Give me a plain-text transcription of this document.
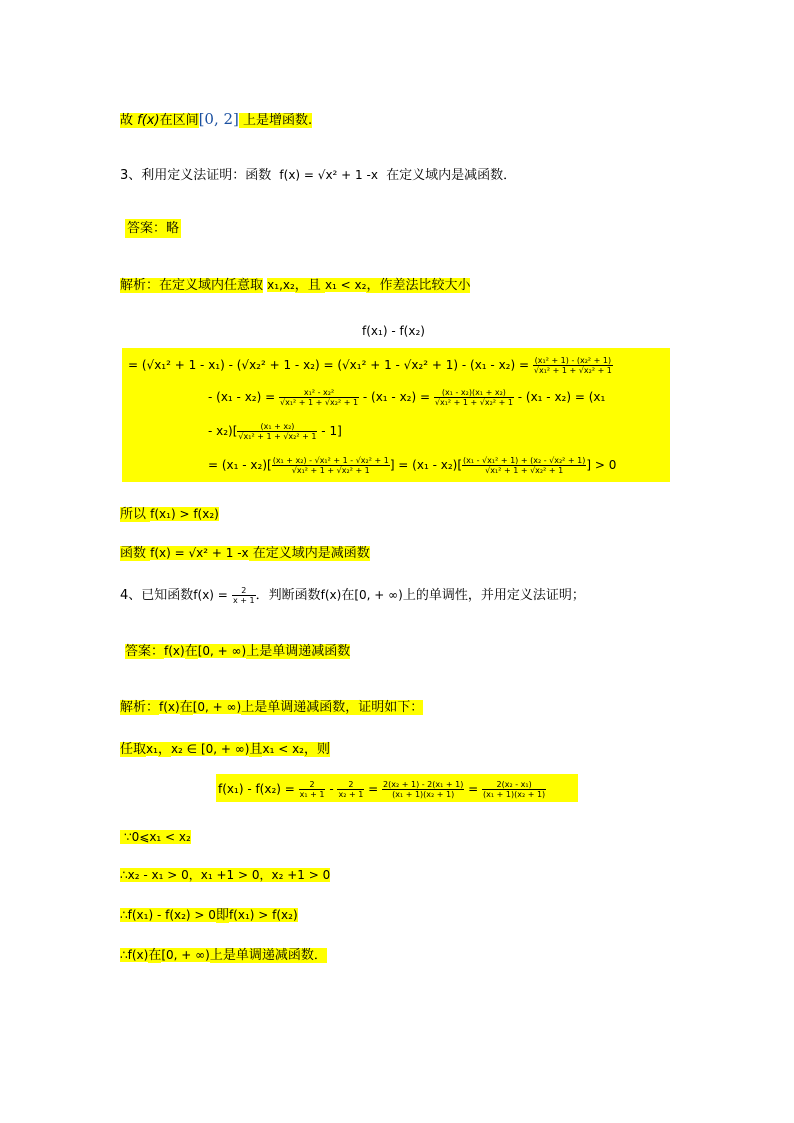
故 f(x)在区间[0, 2] 上是增函数.
3、利用定义法证明：函数 f(x) = √x² + 1 -x 在定义域内是减函数．
答案：略
解析：在定义域内任意取 x₁,x₂，且 x₁ < x₂，作差法比较大小
f(x₁) - f(x₂)
= $(√x_1^2 + 1 - x_1) - (√x_2^2 + 1 - x_2) = (√x_1^2 + 1 - √x_2^2 + 1) - (x_1 - x_2) = \frac{\text{(x₁² + 1) - (x₂² + 1)}}{\text{√x₁² + 1 + √x₂² + 1}}$
- $(x_1 - x_2) = \frac{\text{x₁² - x₂²}}{\text{√x₁² + 1 + √x₂² + 1}} - (x_1 - x_2) = \frac{\text{(x₁ - x₂)(x₁ + x₂)}}{\text{√x₁² + 1 + √x₂² + 1}} - (x_1 - x_2) = (x_1$
- $x_2)[ \frac{\text{(x₁ + x₂)}}{\text{√x₁² + 1 + √x₂² + 1}} - 1]$
= $(x_1 - x_2)[ \frac{\text{(x₁ + x₂) - √x₁² + 1 - √x₂² + 1}}{\text{√x₁² + 1 + √x₂² + 1}}$ ] = $(x_1 - x_2)[ \frac{\text{(x₁ - √x₁² + 1) + (x₂ - √x₂² + 1)}}{\text{√x₁² + 1 + √x₂² + 1}}$ ] > 0
所以 f(x₁) > f(x₂)
函数 f(x) = √x² + 1 -x 在定义域内是减函数
4、已知函数$f(x) = \frac{2}{x + 1}$ ．判断函数f(x)在[0, + ∞)上的单调性，并用定义法证明；
答案：f(x)在[0, + ∞)上是单调递减函数
解析：f(x)在[0, + ∞)上是单调递减函数，证明如下：
任取x₁，x₂ ∈ [0, + ∞)且x₁ < x₂，则
$f(x_1) - f(x_2) = \frac{2}{\text{x₁ + 1}} - \frac{2}{\text{x₂ + 1}} = \frac{\text{2(x₂ + 1) - 2(x₁ + 1)}}{\text{(x₁ + 1)(x₂ + 1)}} = \frac{\text{2(x₂ - x₁)}}{\text{(x₁ + 1)(x₂ + 1)}}$
∵0⩽x₁ < x₂
∴x₂ - x₁ > 0，x₁ +1 > 0，x₂ +1 > 0
∴f(x₁) - f(x₂) > 0即f(x₁) > f(x₂)
∴f(x)在[0, + ∞)上是单调递减函数．
